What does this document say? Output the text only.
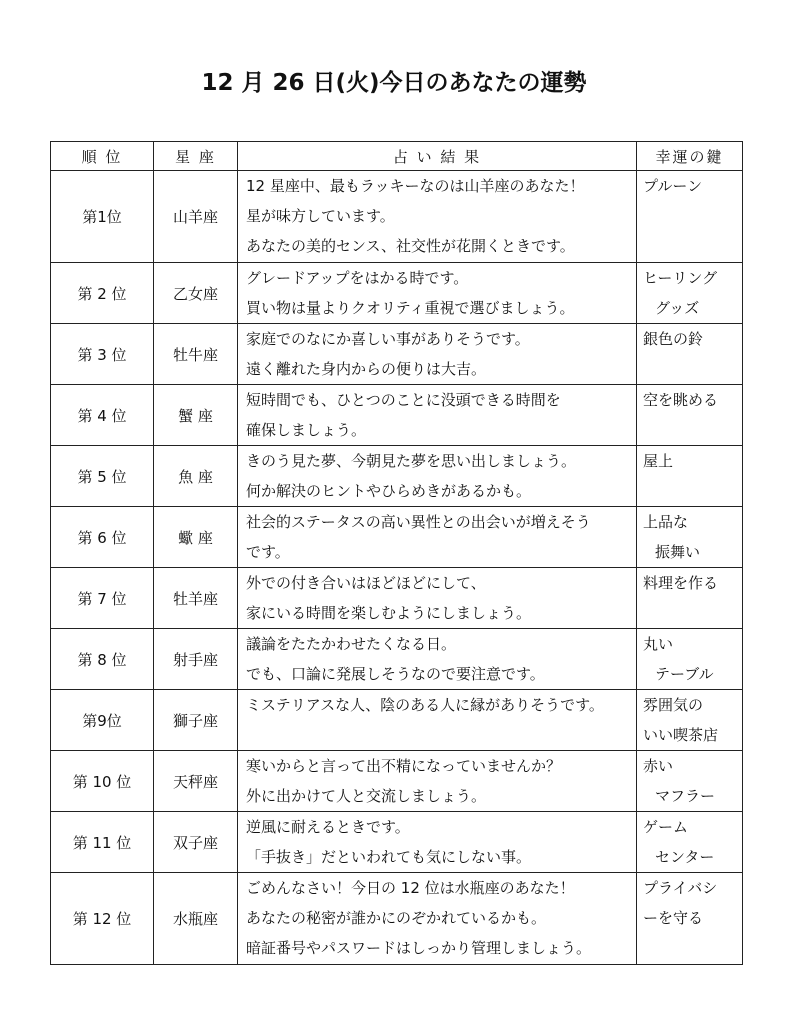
12 月 26 日(火)今日のあなたの運勢
順 位	星 座	占 い 結 果	幸運の鍵
第1位	山羊座	12 星座中、最もラッキーなのは山羊座のあなた！
星が味方しています。
あなたの美的センス、社交性が花開くときです。	プルーン

第 2 位	乙女座	グレードアップをはかる時です。
買い物は量よりクオリティ重視で選びましょう。	ヒーリング
グッズ

第 3 位	牡牛座	家庭でのなにか喜しい事がありそうです。
遠く離れた身内からの便りは大吉。	銀色の鈴

第 4 位	蟹 座	短時間でも、ひとつのことに没頭できる時間を
確保しましょう。	空を眺める

第 5 位	魚 座	きのう見た夢、今朝見た夢を思い出しましょう。
何か解決のヒントやひらめきがあるかも。	屋上

第 6 位	蠍 座	社会的ステータスの高い異性との出会いが増えそう
です。	上品な
振舞い

第 7 位	牡羊座	外での付き合いはほどほどにして、
家にいる時間を楽しむようにしましょう。	料理を作る

第 8 位	射手座	議論をたたかわせたくなる日。
でも、口論に発展しそうなので要注意です。	丸い
テーブル

第9位	獅子座	ミステリアスな人、陰のある人に縁がありそうです。	雰囲気の
いい喫茶店

第 10 位	天秤座	寒いからと言って出不精になっていませんか？
外に出かけて人と交流しましょう。	赤い
マフラー

第 11 位	双子座	逆風に耐えるときです。
「手抜き」だといわれても気にしない事。	ゲーム
センター

第 12 位	水瓶座	ごめんなさい！今日の 12 位は水瓶座のあなた！
あなたの秘密が誰かにのぞかれているかも。
暗証番号やパスワードはしっかり管理しましょう。	プライバシ
ーを守る
